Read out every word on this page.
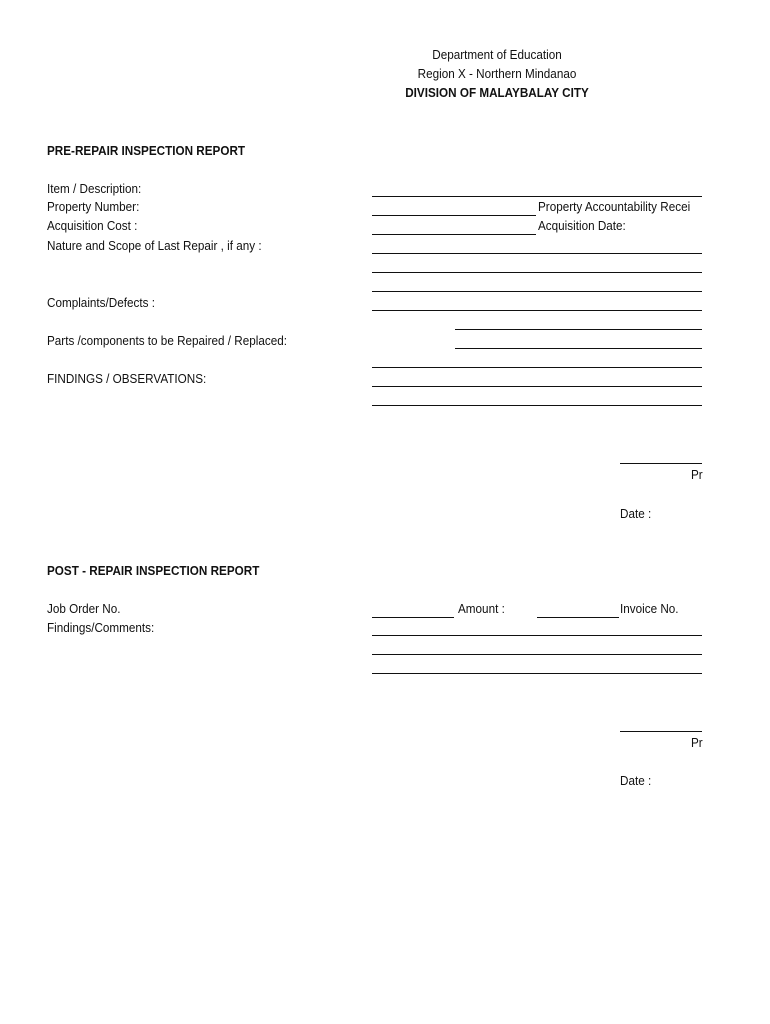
Department of Education
Region X - Northern Mindanao
DIVISION OF MALAYBALAY CITY
PRE-REPAIR INSPECTION REPORT
Item / Description:
Property Number:	Property Accountability Recei
Acquisition Cost :	Acquisition Date:
Nature and Scope of Last Repair , if any :
Complaints/Defects :
Parts /components to be Repaired / Replaced:
FINDINGS / OBSERVATIONS:
Pr
Date :
POST - REPAIR INSPECTION REPORT
Job Order No.	Amount :	Invoice No.
Findings/Comments:
Pr
Date :
